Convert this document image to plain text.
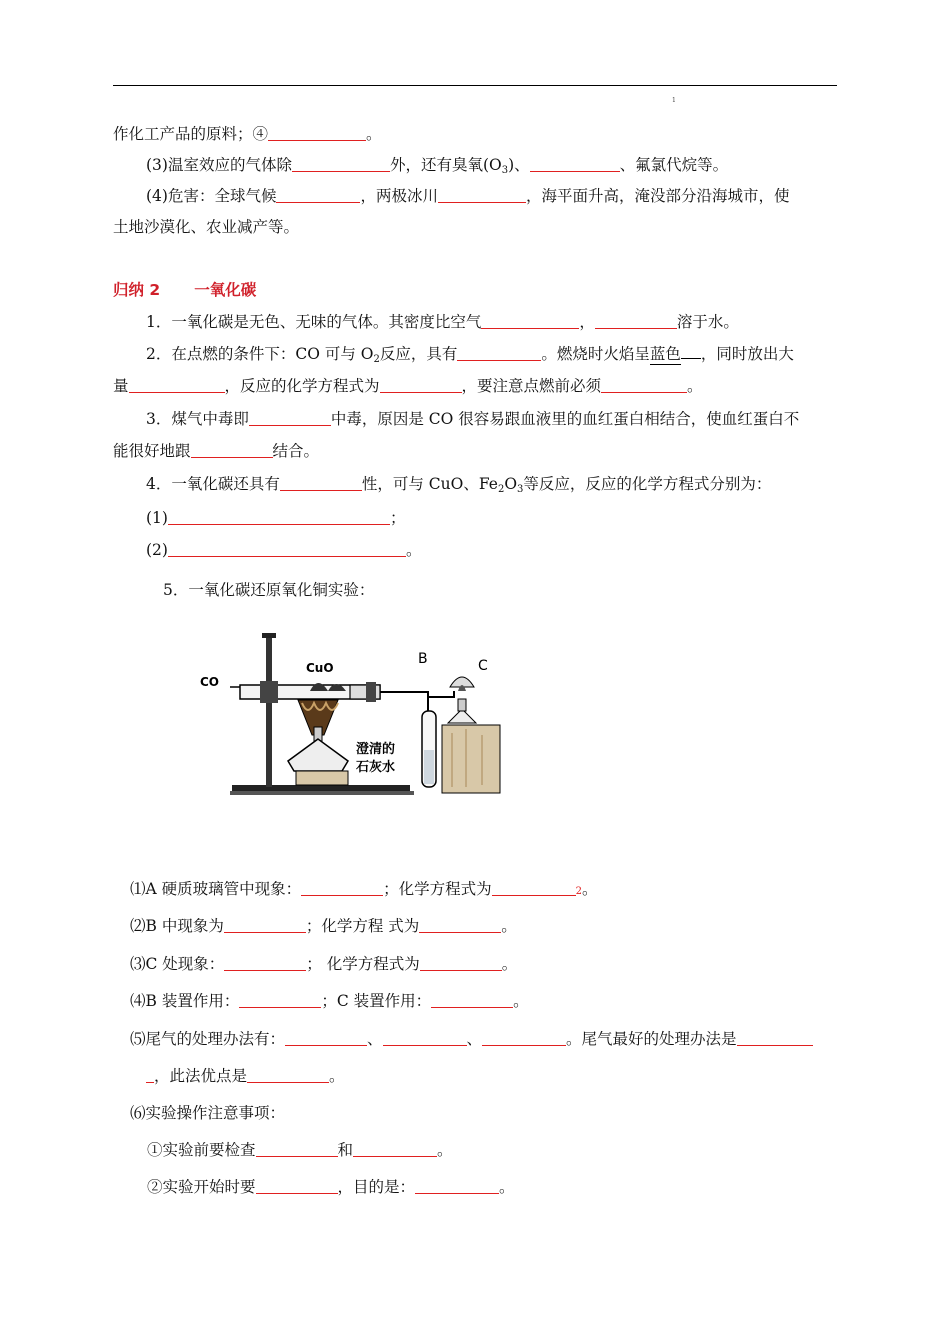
1
作化工产品的原料；④	。
(3)温室效应的气体除	外，还有臭氧$(O_3)$、	、氟氯代烷等。
(4)危害：全球气候	，两极冰川	，海平面升高，淹没部分沿海城市，使
土地沙漠化、农业减产等。
归纳 2 一氧化碳
1．一氧化碳是无色、无味的气体。其密度比空气	，	溶于水。
2．在点燃的条件下：CO 可与 $O_2$反应，具有	。燃烧时火焰呈蓝色 ，同时放出大
量	，反应的化学方程式为	，要注意点燃前必须	。
3．煤气中毒即	中毒，原因是 CO 很容易跟血液里的血红蛋白相结合，使血红蛋白不
能很好地跟	结合。
4．一氧化碳还具有	性，可与 CuO、$Fe_2O_3$等反应，反应的化学方程式分别为：
(1)	；
(2)	。
5．一氧化碳还原氧化铜实验：
CO
CuO
B	C
澄清的
石灰水
⑴A 硬质玻璃管中现象：	；化学方程式为	2。
⑵B 中现象为	；化学方程 式为	。
⑶C 处现象：	； 化学方程式为	。
⑷B 装置作用：	；C 装置作用：	。
⑸尾气的处理办法有：	、	、	。尾气最好的处理办法是
，此法优点是	。
⑹实验操作注意事项：
①实验前要检查	和	。
②实验开始时要	，目的是：	。
